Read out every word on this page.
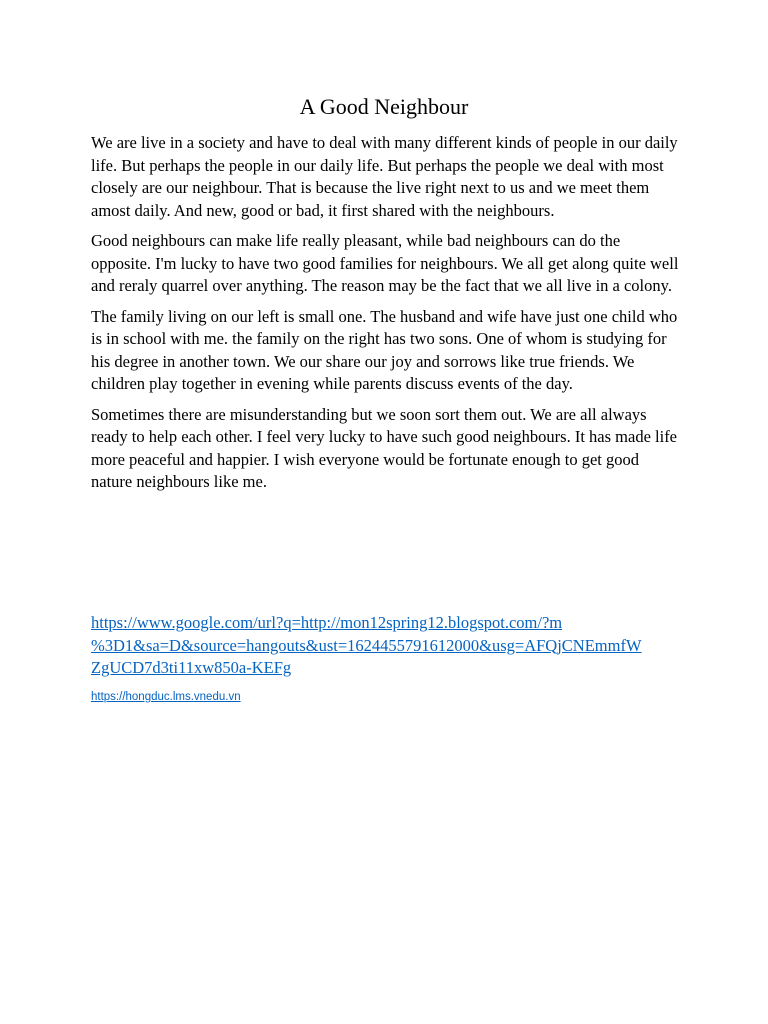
A Good Neighbour

We are live in a society and have to deal with many different kinds of people in our daily life. But perhaps the people in our daily life. But perhaps the people we deal with most closely are our neighbour. That is because the live right next to us and we meet them amost daily. And new, good or bad, it first shared with the neighbours.

Good neighbours can make life really pleasant, while bad neighbours can do the opposite. I'm lucky to have two good families for neighbours. We all get along quite well and reraly quarrel over anything. The reason may be the fact that we all live in a colony.

The family living on our left is small one. The husband and wife have just one child who is in school with me. the family on the right has two sons. One of whom is studying for his degree in another town. We our share our joy and sorrows like true friends. We children play together in evening while parents discuss events of the day.

Sometimes there are misunderstanding but we soon sort them out. We are all always ready to help each other. I feel very lucky to have such good neighbours. It has made life more peaceful and happier. I wish everyone would be fortunate enough to get good nature neighbours like me.

https://www.google.com/url?q=http://mon12spring12.blogspot.com/?m
%3D1&sa=D&source=hangouts&ust=1624455791612000&usg=AFQjCNEmmfW
ZgUCD7d3ti11xw850a-KEFg
https://hongduc.lms.vnedu.vn
